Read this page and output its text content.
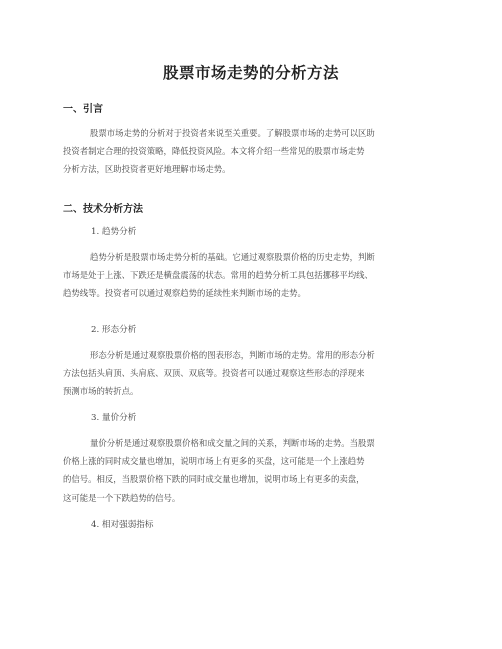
股票市场走势的分析方法
一、引言
股票市场走势的分析对于投资者来说至关重要。了解股票市场的走势可以区助
投资者制定合理的投资策略，降低投资风险。本文将介绍一些常见的股票市场走势
分析方法，区助投资者更好地理解市场走势。
二、技术分析方法
1. 趋势分析
趋势分析是股票市场走势分析的基础。它通过观察股票价格的历史走势，判断
市场是处于上涨、下跌还是横盘震荡的状态。常用的趋势分析工具包括挪移平均线、
趋势线等。投资者可以通过观察趋势的延续性来判断市场的走势。
2. 形态分析
形态分析是通过观察股票价格的图表形态，判断市场的走势。常用的形态分析
方法包括头肩顶、头肩底、双顶、双底等。投资者可以通过观察这些形态的浮现来
预测市场的转折点。
3. 量价分析
量价分析是通过观察股票价格和成交量之间的关系，判断市场的走势。当股票
价格上涨的同时成交量也增加，说明市场上有更多的买盘，这可能是一个上涨趋势
的信号。相反，当股票价格下跌的同时成交量也增加，说明市场上有更多的卖盘，
这可能是一个下跌趋势的信号。
4. 相对强弱指标
